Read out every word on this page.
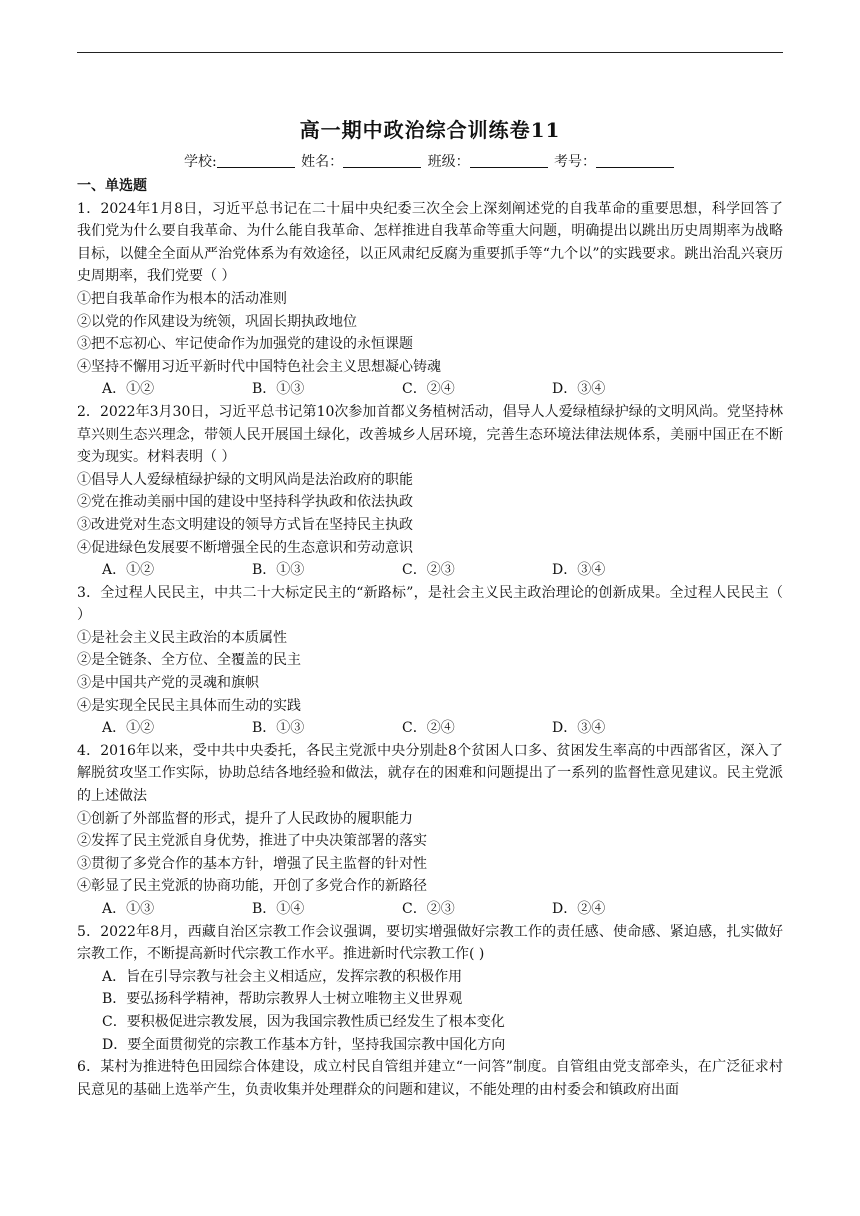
高一期中政治综合训练卷11
学校:	姓名：	班级：	考号：
一、单选题

1．2024年1月8日，习近平总书记在二十届中央纪委三次全会上深刻阐述党的自我革命的重要思想，科学回答了我们党为什么要自我革命、为什么能自我革命、怎样推进自我革命等重大问题，明确提出以跳出历史周期率为战略目标，以健全全面从严治党体系为有效途径，以正风肃纪反腐为重要抓手等“九个以”的实践要求。跳出治乱兴衰历史周期率，我们党要（ ）

①把自我革命作为根本的活动准则

②以党的作风建设为统领，巩固长期执政地位

③把不忘初心、牢记使命作为加强党的建设的永恒课题

④坚持不懈用习近平新时代中国特色社会主义思想凝心铸魂

A．①②	B．①③	C．②④	D．③④

2．2022年3月30日，习近平总书记第10次参加首都义务植树活动，倡导人人爱绿植绿护绿的文明风尚。党坚持林草兴则生态兴理念，带领人民开展国土绿化，改善城乡人居环境，完善生态环境法律法规体系，美丽中国正在不断变为现实。材料表明（ ）

①倡导人人爱绿植绿护绿的文明风尚是法治政府的职能

②党在推动美丽中国的建设中坚持科学执政和依法执政

③改进党对生态文明建设的领导方式旨在坚持民主执政

④促进绿色发展要不断增强全民的生态意识和劳动意识

A．①②	B．①③	C．②③	D．③④

3．全过程人民民主，中共二十大标定民主的“新路标”，是社会主义民主政治理论的创新成果。全过程人民民主（ ）

①是社会主义民主政治的本质属性

②是全链条、全方位、全覆盖的民主

③是中国共产党的灵魂和旗帜

④是实现全民民主具体而生动的实践

A．①②	B．①③	C．②④	D．③④

4．2016年以来，受中共中央委托，各民主党派中央分别赴8个贫困人口多、贫困发生率高的中西部省区，深入了解脱贫攻坚工作实际，协助总结各地经验和做法，就存在的困难和问题提出了一系列的监督性意见建议。民主党派的上述做法

①创新了外部监督的形式，提升了人民政协的履职能力

②发挥了民主党派自身优势，推进了中央决策部署的落实

③贯彻了多党合作的基本方针，增强了民主监督的针对性

④彰显了民主党派的协商功能，开创了多党合作的新路径

A．①③	B．①④	C．②③	D．②④

5．2022年8月，西藏自治区宗教工作会议强调，要切实增强做好宗教工作的责任感、使命感、紧迫感，扎实做好宗教工作，不断提高新时代宗教工作水平。推进新时代宗教工作( )

A．旨在引导宗教与社会主义相适应，发挥宗教的积极作用

B．要弘扬科学精神，帮助宗教界人士树立唯物主义世界观

C．要积极促进宗教发展，因为我国宗教性质已经发生了根本变化

D．要全面贯彻党的宗教工作基本方针，坚持我国宗教中国化方向

6．某村为推进特色田园综合体建设，成立村民自管组并建立“一问答”制度。自管组由党支部牵头，在广泛征求村民意见的基础上选举产生，负责收集并处理群众的问题和建议，不能处理的由村委会和镇政府出面
